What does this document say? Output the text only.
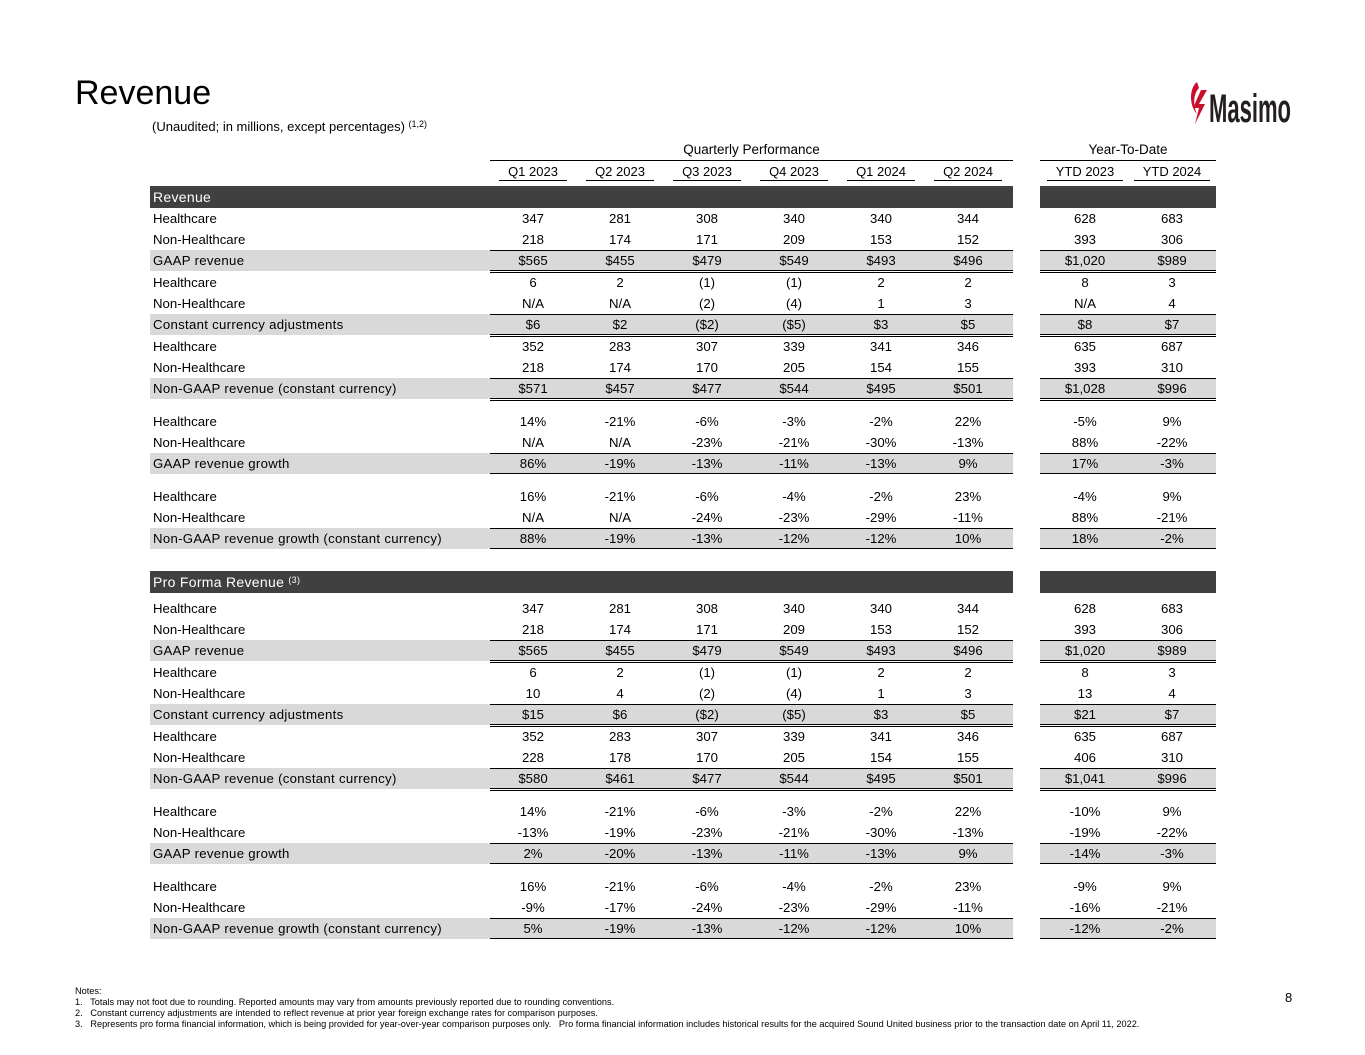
Revenue	Masimo
(Unaudited; in millions, except percentages) $^{(1,2)}$
Quarterly Performance	Year-To-Date
Q1 2023	Q2 2023	Q3 2023	Q4 2023	Q1 2024	Q2 2024	YTD 2023	YTD 2024
Revenue
Healthcare	347	281	308	340	340	344	628	683
Non-Healthcare	218	174	171	209	153	152	393	306
GAAP revenue	$565	$455	$479	$549	$493	$496	$1,020	$989
Healthcare	6	2	(1)	(1)	2	2	8	3
Non-Healthcare	N/A	N/A	(2)	(4)	1	3	N/A	4
Constant currency adjustments	$6	$2	($2)	($5)	$3	$5	$8	$7
Healthcare	352	283	307	339	341	346	635	687
Non-Healthcare	218	174	170	205	154	155	393	310
Non-GAAP revenue (constant currency)	$571	$457	$477	$544	$495	$501	$1,028	$996
Healthcare	14%	-21%	-6%	-3%	-2%	22%	-5%	9%
Non-Healthcare	N/A	N/A	-23%	-21%	-30%	-13%	88%	-22%
GAAP revenue growth	86%	-19%	-13%	-11%	-13%	9%	17%	-3%
Healthcare	16%	-21%	-6%	-4%	-2%	23%	-4%	9%
Non-Healthcare	N/A	N/A	-24%	-23%	-29%	-11%	88%	-21%
Non-GAAP revenue growth (constant currency)	88%	-19%	-13%	-12%	-12%	10%	18%	-2%
Pro Forma Revenue $^{(3)}$
Healthcare	347	281	308	340	340	344	628	683
Non-Healthcare	218	174	171	209	153	152	393	306
GAAP revenue	$565	$455	$479	$549	$493	$496	$1,020	$989
Healthcare	6	2	(1)	(1)	2	2	8	3
Non-Healthcare	10	4	(2)	(4)	1	3	13	4
Constant currency adjustments	$15	$6	($2)	($5)	$3	$5	$21	$7
Healthcare	352	283	307	339	341	346	635	687
Non-Healthcare	228	178	170	205	154	155	406	310
Non-GAAP revenue (constant currency)	$580	$461	$477	$544	$495	$501	$1,041	$996
Healthcare	14%	-21%	-6%	-3%	-2%	22%	-10%	9%
Non-Healthcare	-13%	-19%	-23%	-21%	-30%	-13%	-19%	-22%
GAAP revenue growth	2%	-20%	-13%	-11%	-13%	9%	-14%	-3%
Healthcare	16%	-21%	-6%	-4%	-2%	23%	-9%	9%
Non-Healthcare	-9%	-17%	-24%	-23%	-29%	-11%	-16%	-21%
Non-GAAP revenue growth (constant currency)	5%	-19%	-13%	-12%	-12%	10%	-12%	-2%
Notes:
1.   Totals may not foot due to rounding. Reported amounts may vary from amounts previously reported due to rounding conventions.
2.   Constant currency adjustments are intended to reflect revenue at prior year foreign exchange rates for comparison purposes.
3.   Represents pro forma financial information, which is being provided for year-over-year comparison purposes only.   Pro forma financial information includes historical results for the acquired Sound United business prior to the transaction date on April 11, 2022.
8
